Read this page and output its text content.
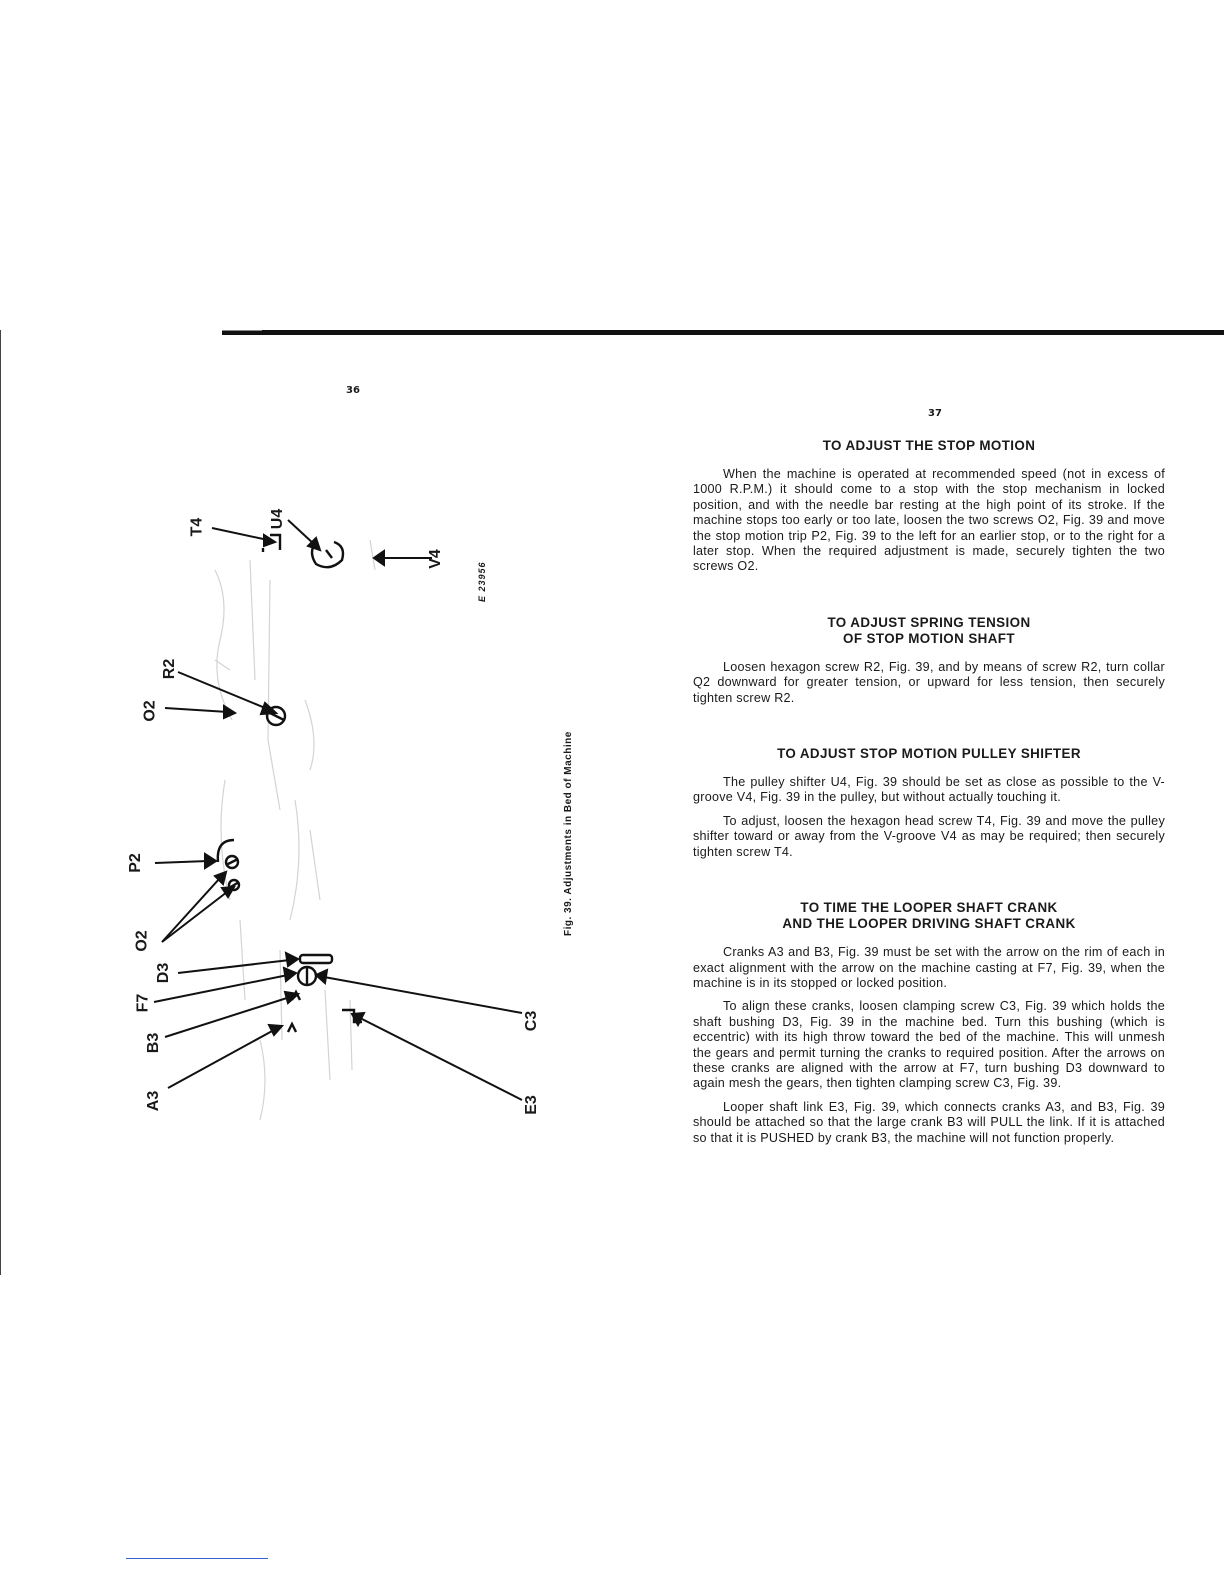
36
37
T4	U4
V4
R2
O2
P2
O2
D3
F7
B3
A3
C3
E3
E 23956
Fig. 39. Adjustments in Bed of Machine

TO ADJUST THE STOP MOTION

When the machine is operated at recommended speed (not in excess of 1000 R.P.M.) it should come to a stop with the stop mechanism in locked position, and with the needle bar resting at the high point of its stroke. If the machine stops too early or too late, loosen the two screws O2, Fig. 39 and move the stop motion trip P2, Fig. 39 to the left for an earlier stop, or to the right for a later stop. When the required adjustment is made, securely tighten the two screws O2.

TO ADJUST SPRING TENSION

OF STOP MOTION SHAFT

Loosen hexagon screw R2, Fig. 39, and by means of screw R2, turn collar Q2 downward for greater tension, or upward for less tension, then securely tighten screw R2.

TO ADJUST STOP MOTION PULLEY SHIFTER

The pulley shifter U4, Fig. 39 should be set as close as possible to the V-groove V4, Fig. 39 in the pulley, but without actually touching it.

To adjust, loosen the hexagon head screw T4, Fig. 39 and move the pulley shifter toward or away from the V-groove V4 as may be required; then securely tighten screw T4.

TO TIME THE LOOPER SHAFT CRANK

AND THE LOOPER DRIVING SHAFT CRANK

Cranks A3 and B3, Fig. 39 must be set with the arrow on the rim of each in exact alignment with the arrow on the machine casting at F7, Fig. 39, when the machine is in its stopped or locked position.

To align these cranks, loosen clamping screw C3, Fig. 39 which holds the shaft bushing D3, Fig. 39 in the machine bed. Turn this bushing (which is eccentric) with its high throw toward the bed of the machine. This will unmesh the gears and permit turning the cranks to required position. After the arrows on these cranks are aligned with the arrow at F7, turn bushing D3 downward to again mesh the gears, then tighten clamping screw C3, Fig. 39.

Looper shaft link E3, Fig. 39, which connects cranks A3, and B3, Fig. 39 should be attached so that the large crank B3 will PULL the link. If it is attached so that it is PUSHED by crank B3, the machine will not function properly.
